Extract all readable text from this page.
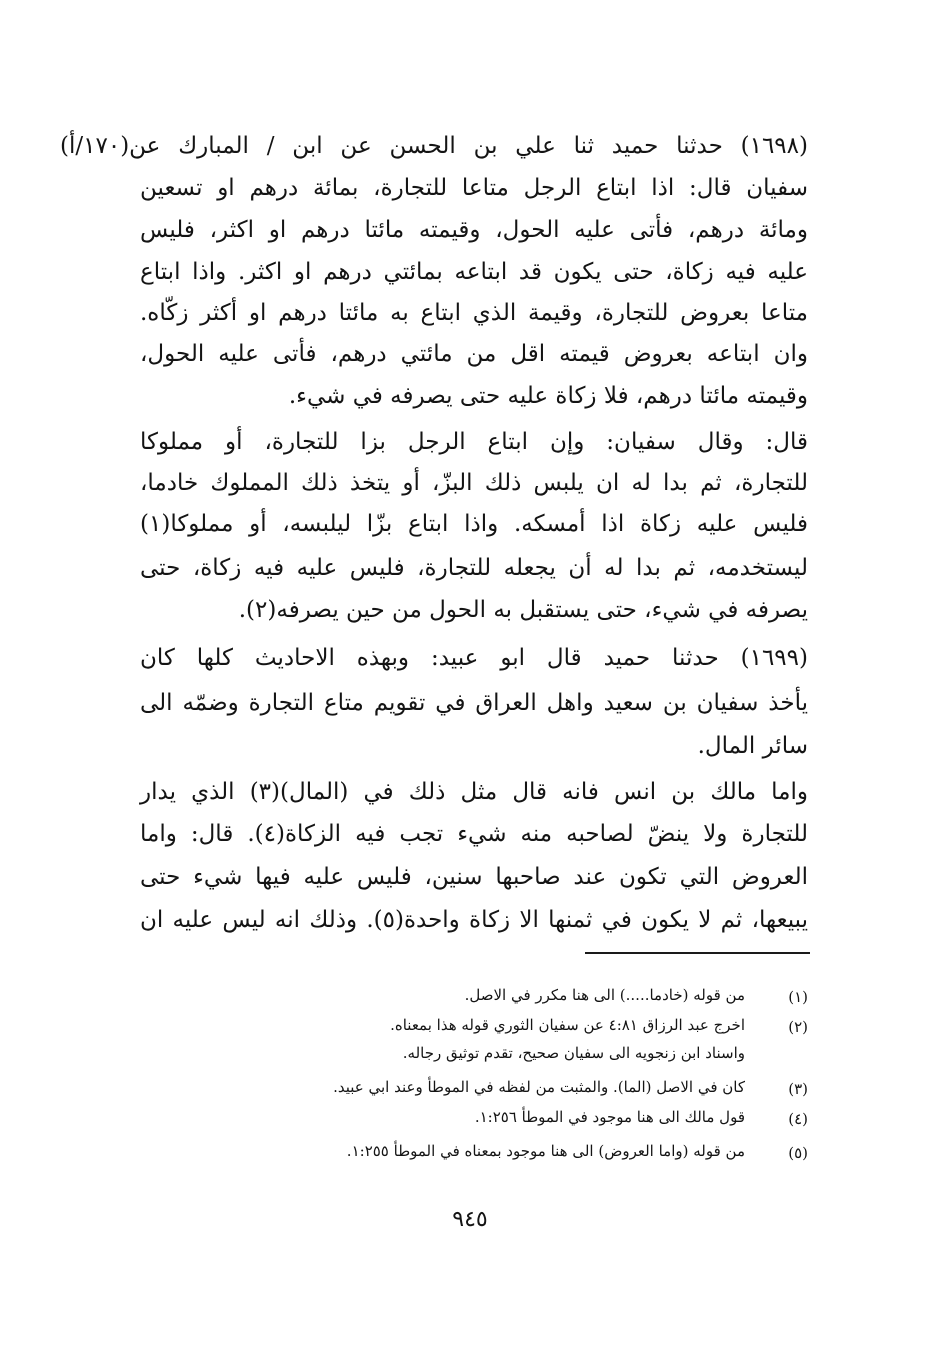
(١٦٩٨) حدثنا حميد ثنا علي بن الحسن عن ابن / المبارك عن(١٧٠/أ)
سفيان قال: اذا ابتاع الرجل متاعا للتجارة، بمائة درهم او تسعين
ومائة درهم، فأتى عليه الحول، وقيمته مائتا درهم او اكثر، فليس
عليه فيه زكاة، حتى يكون قد ابتاعه بمائتي درهم او اكثر. واذا ابتاع
متاعا بعروض للتجارة، وقيمة الذي ابتاع به مائتا درهم او أكثر زكّاه.
وان ابتاعه بعروض قيمته اقل من مائتي درهم، فأتى عليه الحول،
وقيمته مائتا درهم، فلا زكاة عليه حتى يصرفه في شيء.
قال: وقال سفيان: وإن ابتاع الرجل بزا للتجارة، أو مملوكا
للتجارة، ثم بدا له ان يلبس ذلك البزّ، أو يتخذ ذلك المملوك خادما،
فليس عليه زكاة اذا أمسكه. واذا ابتاع بزّا ليلبسه، أو مملوكا(١)
ليستخدمه، ثم بدا له أن يجعله للتجارة، فليس عليه فيه زكاة، حتى
يصرفه في شيء، حتى يستقبل به الحول من حين يصرفه(٢).
(١٦٩٩) حدثنا حميد قال ابو عبيد: وبهذه الاحاديث كلها كان
يأخذ سفيان بن سعيد واهل العراق في تقويم متاع التجارة وضمّه الى
سائر المال.
واما مالك بن انس فانه قال مثل ذلك في (المال)(٣) الذي يدار
للتجارة ولا ينضّ لصاحبه منه شيء تجب فيه الزكاة(٤). قال: واما
العروض التي تكون عند صاحبها سنين، فليس عليه فيها شيء حتى
يبيعها، ثم لا يكون في ثمنها الا زكاة واحدة(٥). وذلك انه ليس عليه ان
(١)
من قوله (خادما.....) الى هنا مكرر في الاصل.
(٢)
اخرج عبد الرزاق ٤:٨١ عن سفيان الثوري قوله هذا بمعناه.
واسناد ابن زنجويه الى سفيان صحيح، تقدم توثيق رجاله.
(٣)
كان في الاصل (الما). والمثبت من لفظه في الموطأ وعند ابي عبيد.
(٤)
قول مالك الى هنا موجود في الموطأ ١:٢٥٦.
(٥)
من قوله (واما العروض) الى هنا موجود بمعناه في الموطأ ١:٢٥٥.
٩٤٥
